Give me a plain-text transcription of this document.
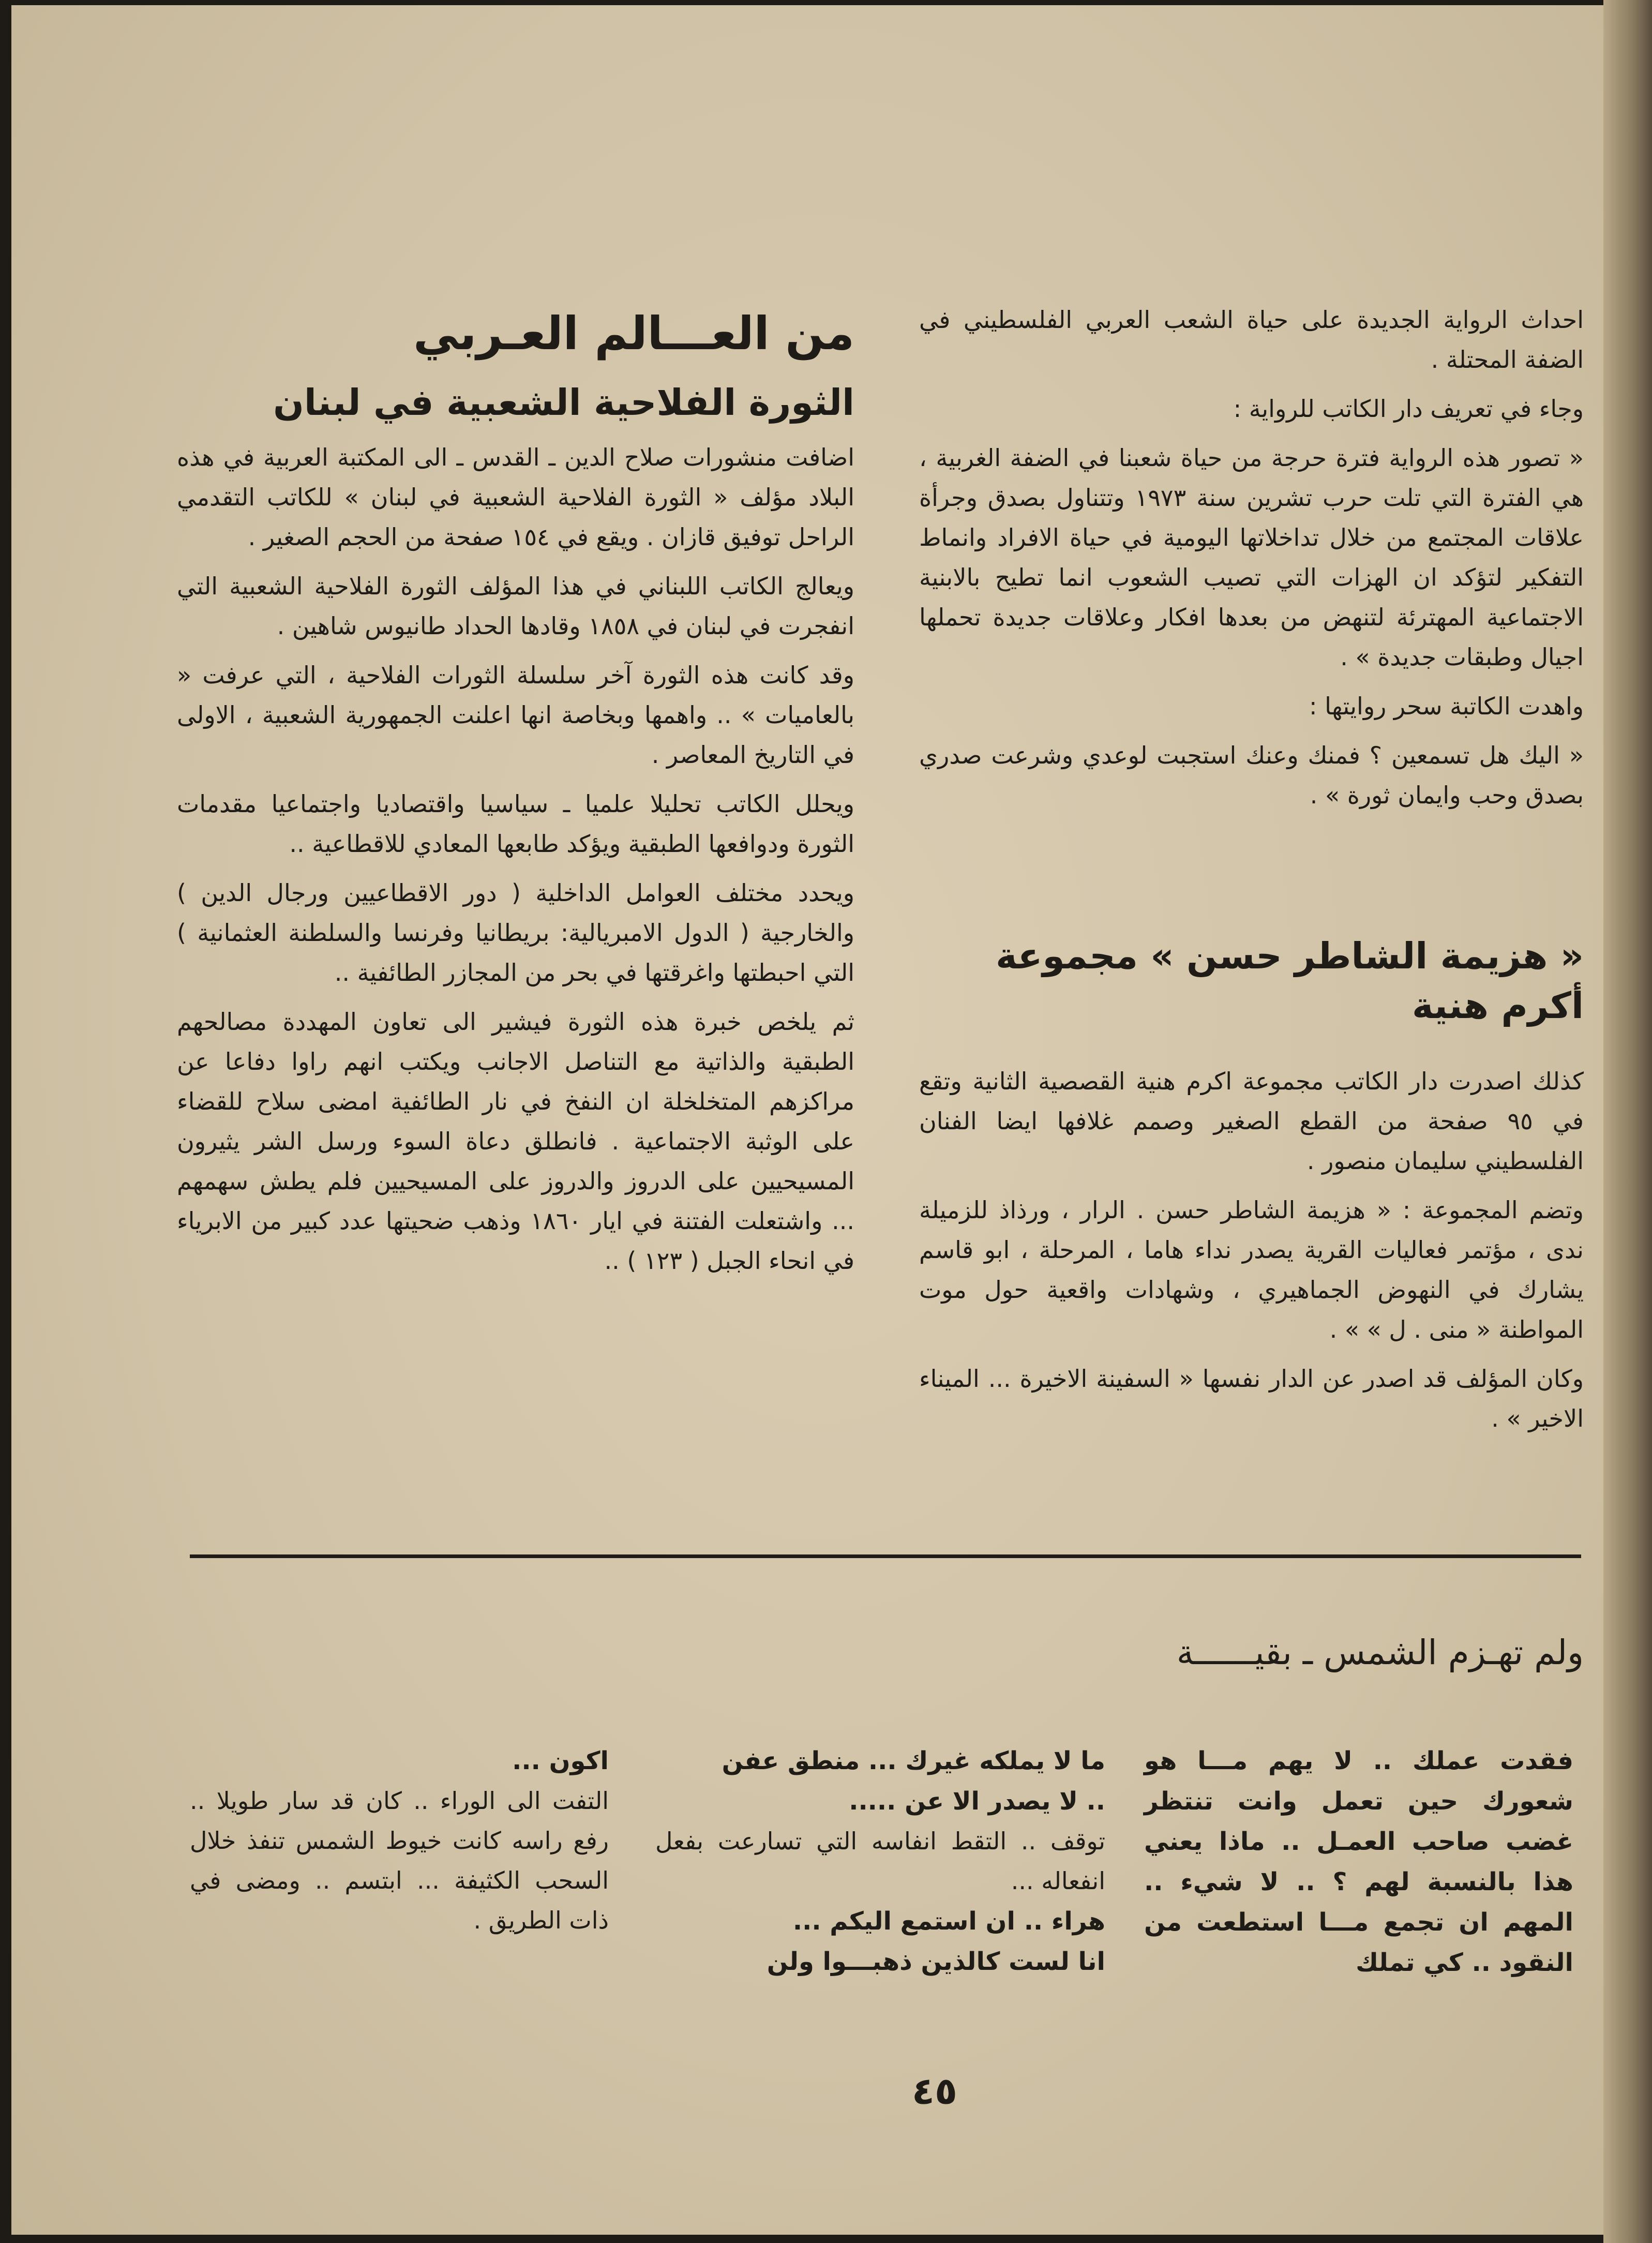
احداث الرواية الجديدة على حياة الشعب العربي الفلسطيني في الضفة المحتلة .

وجاء في تعريف دار الكاتب للرواية :

« تصور هذه الرواية فترة حرجة من حياة شعبنا في الضفة الغربية ، هي الفترة التي تلت حرب تشرين سنة ١٩٧٣ وتتناول بصدق وجرأة علاقات المجتمع من خلال تداخلاتها اليومية في حياة الافراد وانماط التفكير لتؤكد ان الهزات التي تصيب الشعوب انما تطيح بالابنية الاجتماعية المهترئة لتنهض من بعدها افكار وعلاقات جديدة تحملها اجيال وطبقات جديدة » .

واهدت الكاتبة سحر روايتها :

« اليك هل تسمعين ؟ فمنك وعنك استجبت لوعدي وشرعت صدري بصدق وحب وايمان ثورة » .

« هزيمة الشاطر حسن » مجموعة أكرم هنية

كذلك اصدرت دار الكاتب مجموعة اكرم هنية القصصية الثانية وتقع في ٩٥ صفحة من القطع الصغير وصمم غلافها ايضا الفنان الفلسطيني سليمان منصور .

وتضم المجموعة : « هزيمة الشاطر حسن . الرار ، ورذاذ للزميلة ندى ، مؤتمر فعاليات القرية يصدر نداء هاما ، المرحلة ، ابو قاسم يشارك في النهوض الجماهيري ، وشهادات واقعية حول موت المواطنة « منى . ل » » .

وكان المؤلف قد اصدر عن الدار نفسها « السفينة الاخيرة ... الميناء الاخير » .

من العـــالم العـربي
الثورة الفلاحية الشعبية في لبنان

اضافت منشورات صلاح الدين ـ القدس ـ الى المكتبة العربية في هذه البلاد مؤلف « الثورة الفلاحية الشعبية في لبنان » للكاتب التقدمي الراحل توفيق قازان . ويقع في ١٥٤ صفحة من الحجم الصغير .

ويعالج الكاتب اللبناني في هذا المؤلف الثورة الفلاحية الشعبية التي انفجرت في لبنان في ١٨٥٨ وقادها الحداد طانيوس شاهين .

وقد كانت هذه الثورة آخر سلسلة الثورات الفلاحية ، التي عرفت « بالعاميات » .. واهمها وبخاصة انها اعلنت الجمهورية الشعبية ، الاولى في التاريخ المعاصر .

ويحلل الكاتب تحليلا علميا ـ سياسيا واقتصاديا واجتماعيا مقدمات الثورة ودوافعها الطبقية ويؤكد طابعها المعادي للاقطاعية ..

ويحدد مختلف العوامل الداخلية ( دور الاقطاعيين ورجال الدين ) والخارجية ( الدول الامبريالية: بريطانيا وفرنسا والسلطنة العثمانية ) التي احبطتها واغرقتها في بحر من المجازر الطائفية ..

ثم يلخص خبرة هذه الثورة فيشير الى تعاون المهددة مصالحهم الطبقية والذاتية مع التناصل الاجانب ويكتب انهم راوا دفاعا عن مراكزهم المتخلخلة ان النفخ في نار الطائفية امضى سلاح للقضاء على الوثبة الاجتماعية . فانطلق دعاة السوء ورسل الشر يثيرون المسيحيين على الدروز والدروز على المسيحيين فلم يطش سهمهم ... واشتعلت الفتنة في ايار ١٨٦٠ وذهب ضحيتها عدد كبير من الابرياء في انحاء الجبل ( ١٢٣ ) ..

ولم تهـزم الشمس ـ بقيــــــة

فقدت عملك .. لا يهم مـــا هو شعورك حين تعمل وانت تنتظر غضب صاحب العمـل .. ماذا يعني هذا بالنسبة لهم ؟ .. لا شيء .. المهم ان تجمع مـــا استطعت من النقود .. كي تملك

ما لا يملكه غيرك ... منطق عفن

.. لا يصدر الا عن .....

توقف .. التقط انفاسه التي تسارعت بفعل انفعاله ...

هراء .. ان استمع اليكم ...

انا لست كالذين ذهبـــوا ولن

اكون ...

التفت الى الوراء .. كان قد سار طويلا .. رفع راسه كانت خيوط الشمس تنفذ خلال السحب الكثيفة ... ابتسم .. ومضى في ذات الطريق .

٤٥
